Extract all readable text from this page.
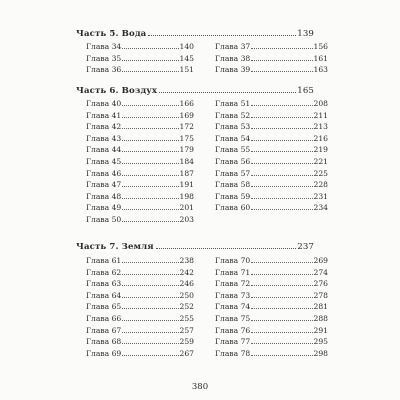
Часть 5. Вода	139
Глава 34	140
Глава 35	145
Глава 36	151
Глава 37	156
Глава 38	161
Глава 39	163
Часть 6. Воздух	165
Глава 40	166
Глава 41	169
Глава 42	172
Глава 43	175
Глава 44	179
Глава 45	184
Глава 46	187
Глава 47	191
Глава 48	198
Глава 49	201
Глава 50	203
Глава 51	208
Глава 52	211
Глава 53	213
Глава 54	216
Глава 55	219
Глава 56	221
Глава 57	225
Глава 58	228
Глава 59	231
Глава 60	234
Часть 7. Земля	237
Глава 61	238
Глава 62	242
Глава 63	246
Глава 64	250
Глава 65	252
Глава 66	255
Глава 67	257
Глава 68	259
Глава 69	267
Глава 70	269
Глава 71	274
Глава 72	276
Глава 73	278
Глава 74	281
Глава 75	288
Глава 76	291
Глава 77	295
Глава 78	298
380
